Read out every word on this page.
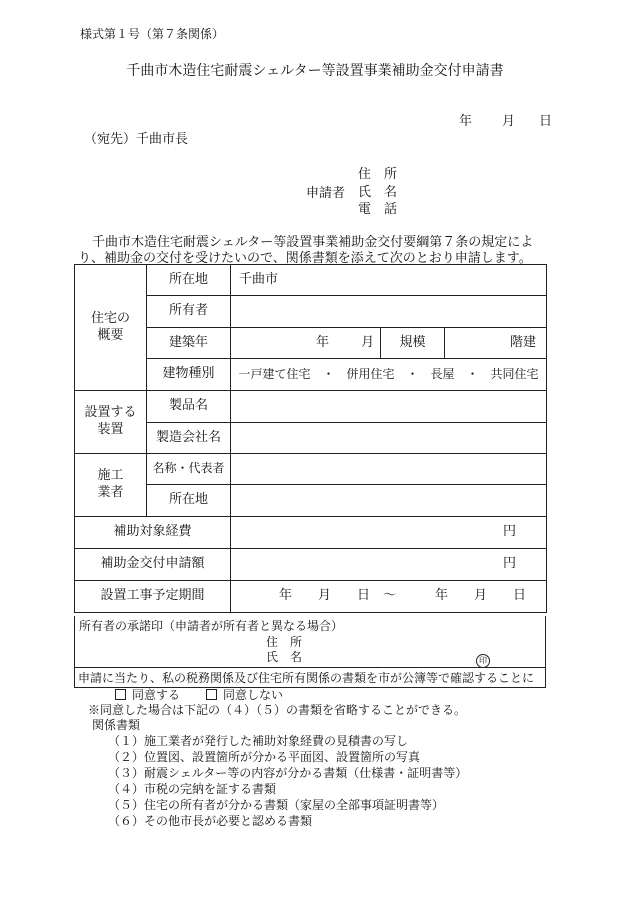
様式第１号（第７条関係）
千曲市木造住宅耐震シェルター等設置事業補助金交付申請書
年 月 日
（宛先）千曲市長
申請者
住　所
氏　名
電　話
千曲市木造住宅耐震シェルター等設置事業補助金交付要綱第７条の規定によ
り、補助金の交付を受けたいので、関係書類を添えて次のとおり申請します。
住宅の概要	所在地	千曲市		
	所有者			
	建築年	年 月	規模	階建
	建物種別	一戸建て住宅　・　併用住宅　・　長屋　・　共同住宅		
設置する装置	製品名			
	製造会社名			
施工業者	名称・代表者			
	所在地			
補助対象経費		円		
補助金交付申請額		円		
設置工事予定期間		年　　月　　日　～　　　年　　月　　日		
所有者の承諾印（申請者が所有者と異なる場合）
住　所
氏　名	印
申請に当たり、私の税務関係及び住宅所有関係の書類を市が公簿等で確認することに
同意する	同意しない
※同意した場合は下記の（４）（５）の書類を省略することができる。
関係書類
（１）施工業者が発行した補助対象経費の見積書の写し
（２）位置図、設置箇所が分かる平面図、設置箇所の写真
（３）耐震シェルター等の内容が分かる書類（仕様書・証明書等）
（４）市税の完納を証する書類
（５）住宅の所有者が分かる書類（家屋の全部事項証明書等）
（６）その他市長が必要と認める書類
